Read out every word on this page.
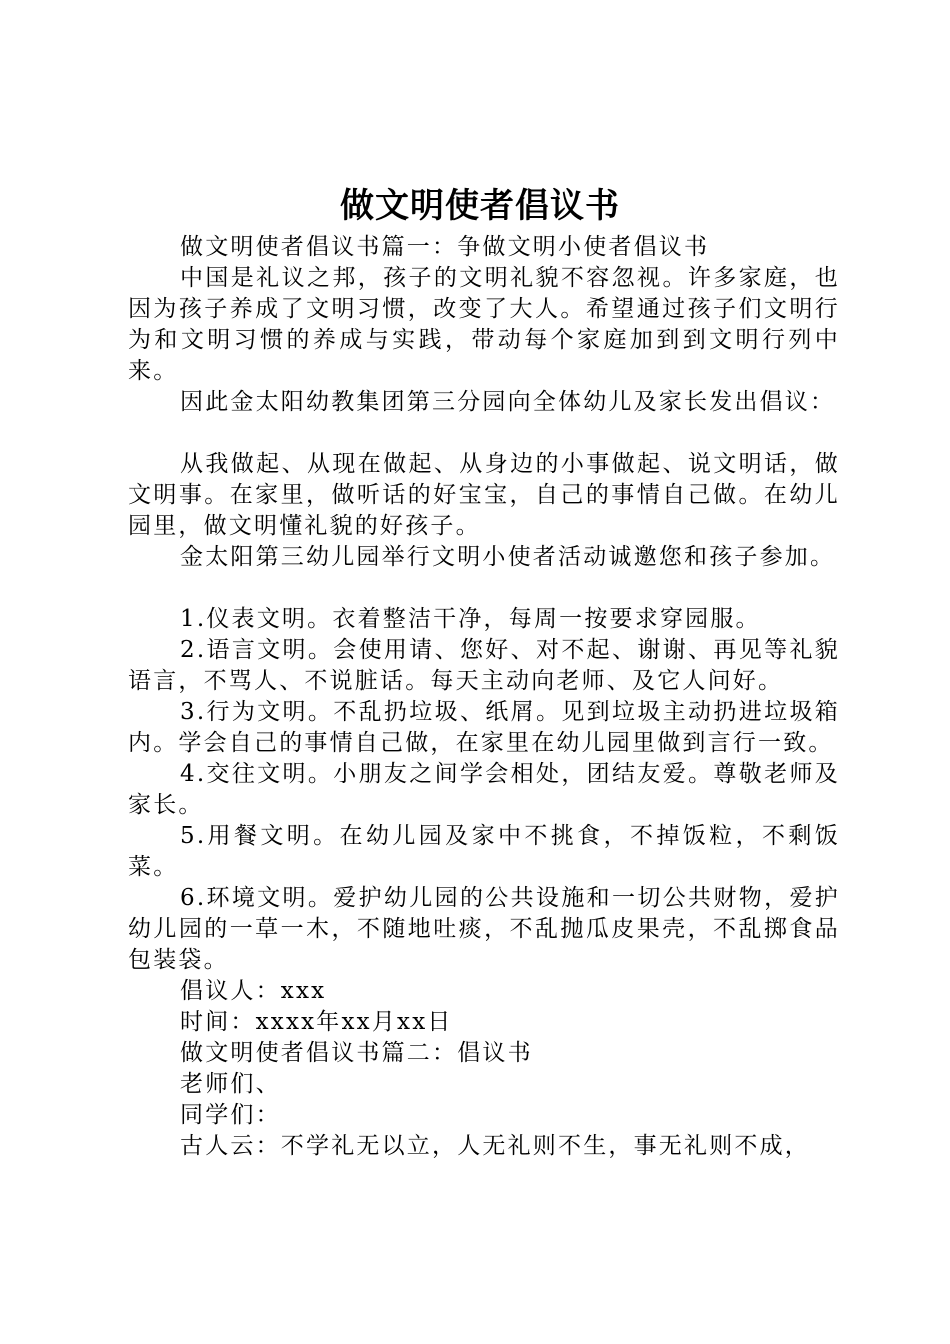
做文明使者倡议书

做文明使者倡议书篇一：争做文明小使者倡议书

中国是礼议之邦，孩子的文明礼貌不容忽视。许多家庭，也因为孩子养成了文明习惯，改变了大人。希望通过孩子们文明行为和文明习惯的养成与实践，带动每个家庭加到到文明行列中来。

因此金太阳幼教集团第三分园向全体幼儿及家长发出倡议：

从我做起、从现在做起、从身边的小事做起、说文明话，做文明事。在家里，做听话的好宝宝，自己的事情自己做。在幼儿园里，做文明懂礼貌的好孩子。

金太阳第三幼儿园举行文明小使者活动诚邀您和孩子参加。

1.仪表文明。衣着整洁干净，每周一按要求穿园服。

2.语言文明。会使用请、您好、对不起、谢谢、再见等礼貌语言，不骂人、不说脏话。每天主动向老师、及它人问好。

3.行为文明。不乱扔垃圾、纸屑。见到垃圾主动扔进垃圾箱内。学会自己的事情自己做，在家里在幼儿园里做到言行一致。

4.交往文明。小朋友之间学会相处，团结友爱。尊敬老师及家长。

5.用餐文明。在幼儿园及家中不挑食，不掉饭粒，不剩饭菜。

6.环境文明。爱护幼儿园的公共设施和一切公共财物，爱护幼儿园的一草一木，不随地吐痰，不乱抛瓜皮果壳，不乱掷食品包装袋。

倡议人：xxx

时间：xxxx年xx月xx日

做文明使者倡议书篇二：倡议书

老师们、

同学们：

古人云：不学礼无以立，人无礼则不生，事无礼则不成，
